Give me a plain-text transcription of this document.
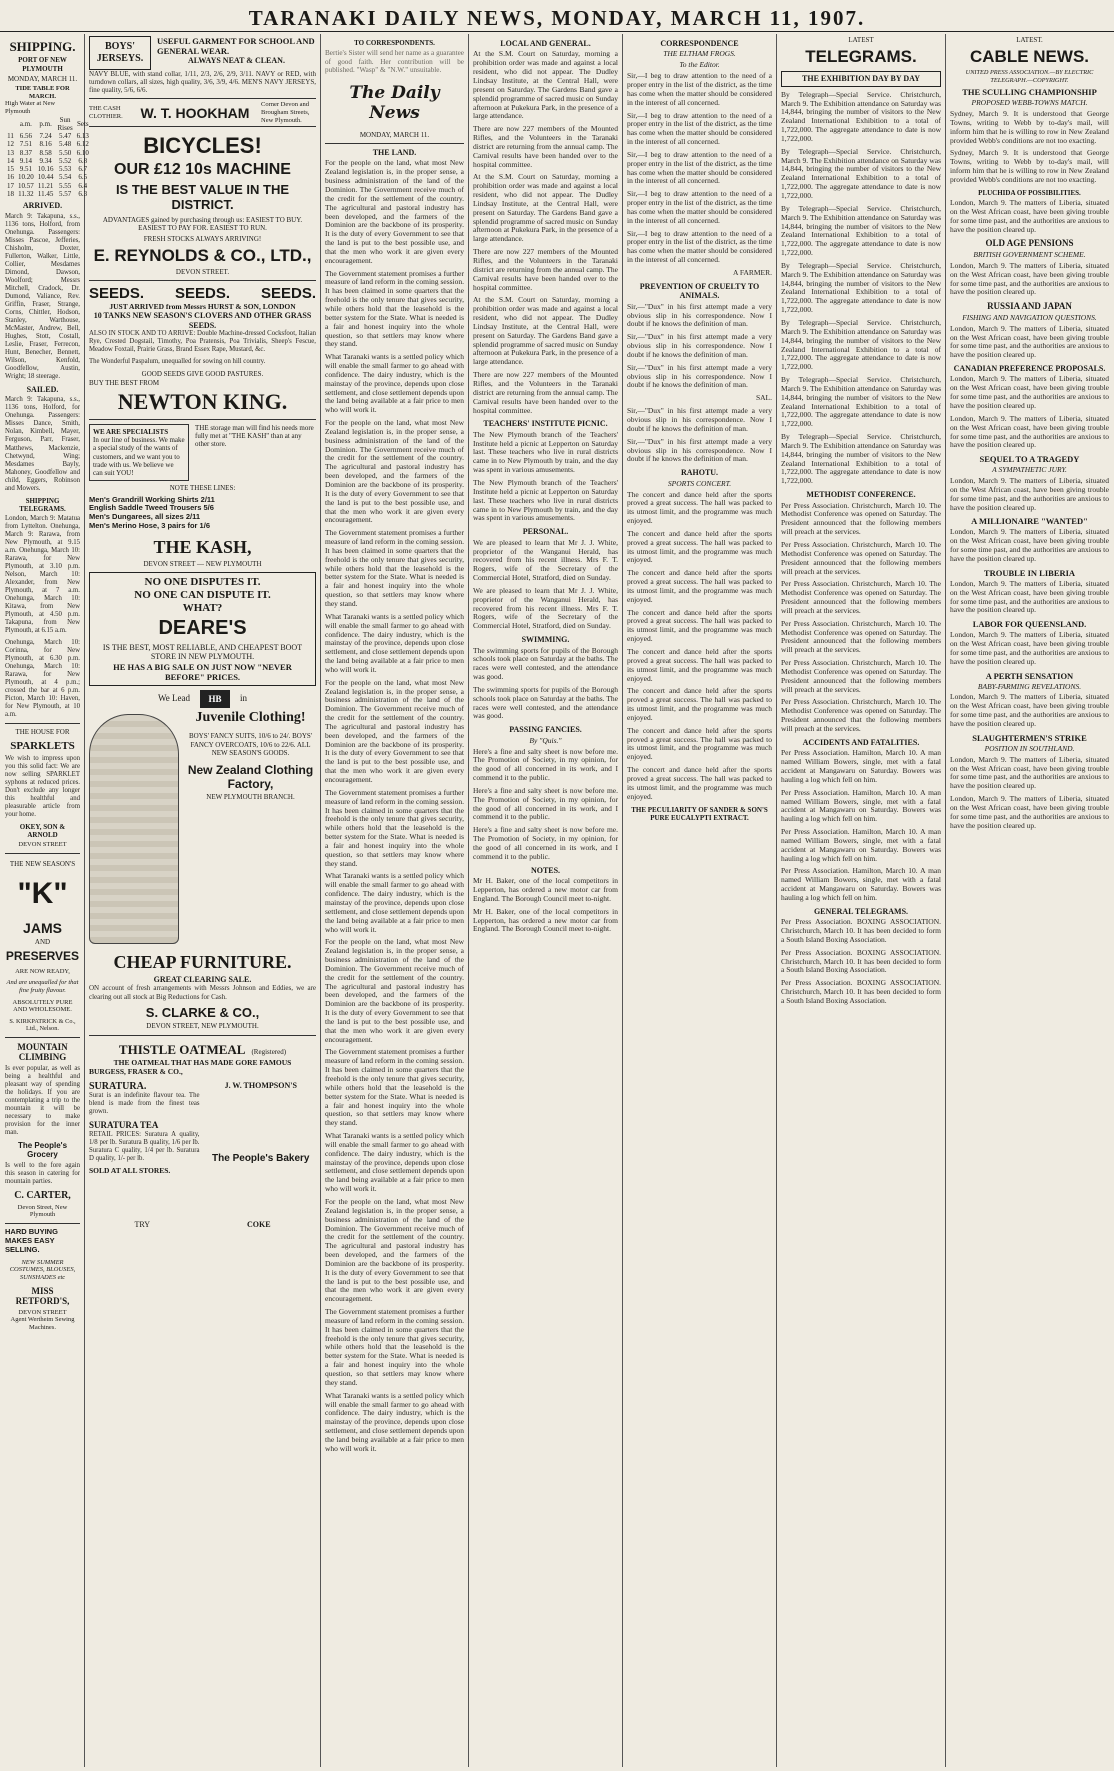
TARANAKI DAILY NEWS, MONDAY, MARCH 11, 1907.
SHIPPING.
PORT OF NEW PLYMOUTH
MONDAY, MARCH 11.
TIDE TABLE FOR MARCH.
High Water at New Plymouth
	a.m.	p.m.	Sun Rises	Sets
11	6.56	7.24	5.47	6.13
12	7.51	8.16	5.48	6.12
13	8.37	8.58	5.50	6.10
14	9.14	9.34	5.52	6.8
15	9.51	10.16	5.53	6.7
16	10.20	10.44	5.54	6.5
17	10.57	11.21	5.55	6.4
18	11.32	11.45	5.57	6.3
ARRIVED.
March 9: Takapuna, s.s., 1136 tons, Holford, from Onehunga. Passengers: Misses Pascoe, Jefferies, Chisholm, Doxter, Fullerton, Walker, Little, Collier, Mesdames Dimond, Dawson, Woolford; Messrs Mitchell, Cradock, Dr. Dumond, Valiance, Rev. Griffin, Fraser, Strange, Corns, Chittler, Hodson, Stanley, Warthouse, McMaster, Andrew, Bell, Hughes, Stott, Costall, Leslie, Fraser, Ferrecon, Hunt, Benecher, Bennett, Wilson, Kenfold, Goodfellow, Austin, Wright; 18 steerage.
SAILED.
March 9: Takapuna, s.s., 1136 tons, Holford, for Onehunga. Passengers: Misses Dance, Smith, Nolan, Kimbell, Mayer, Ferguson, Parr, Fraser, Matthews, Mackenzie, Chetwynd, Wing; Mesdames Bayly, Mahoney, Goodfellow and child, Eggers, Robinson and Mowers.
SHIPPING TELEGRAMS.
London, March 9: Matatua from Lyttelton. Onehunga, March 9: Rarawa, from New Plymouth, at 9.15 a.m. Onehunga, March 10: Rarawa, for New Plymouth, at 3.10 p.m. Nelson, March 10: Alexander, from New Plymouth, at 7 a.m. Onehunga, March 10: Kitawa, from New Plymouth, at 4.50 p.m. Takapuna, from New Plymouth, at 6.15 a.m.
Onehunga, March 10: Corinna, for New Plymouth, at 6.30 p.m. Onehunga, March 10: Rarawa, for New Plymouth, at 4 p.m.; crossed the bar at 6 p.m. Picton, March 10: Haven, for New Plymouth, at 10 a.m.
THE HOUSE FOR
SPARKLETS
We wish to impress upon you this solid fact: We are now selling SPARKLET syphons at reduced prices. Don't exclude any longer this healthful and pleasurable article from your home.
OKEY, SON & ARNOLD
DEVON STREET
THE NEW SEASON'S
"K"
JAMS
AND
PRESERVES
ARE NOW READY,
And are unequalled for that fine fruity flavour.
ABSOLUTELY PURE AND WHOLESOME.
S. KIRKPATRICK & Co., Ltd., Nelson.
MOUNTAIN CLIMBING
Is ever popular, as well as being a healthful and pleasant way of spending the holidays. If you are contemplating a trip to the mountain it will be necessary to make provision for the inner man.
The People's Grocery
Is well to the fore again this season in catering for mountain parties.
C. CARTER,
Devon Street, New Plymouth
HARD BUYING MAKES EASY SELLING.
NEW SUMMER COSTUMES, BLOUSES, SUNSHADES etc
MISS RETFORD'S,
DEVON STREET
Agent Wertheim Sewing Machines.
BOYS' JERSEYS.
USEFUL GARMENT FOR SCHOOL AND GENERAL WEAR.
ALWAYS NEAT & CLEAN.
NAVY BLUE, with stand collar, 1/11, 2/3, 2/6, 2/9, 3/11. NAVY or RED, with turndown collars, all sizes, high quality, 3/6, 3/9, 4/6. MEN'S NAVY JERSEYS, fine quality, 5/6, 6/6.
THE CASH CLOTHIER.	W. T. HOOKHAM	Corner Devon and Brougham Streets, New Plymouth.
BICYCLES!
OUR £12 10s MACHINE
IS THE BEST VALUE IN THE DISTRICT.
ADVANTAGES gained by purchasing through us: EASIEST TO BUY. EASIEST TO PAY FOR. EASIEST TO RUN.
FRESH STOCKS ALWAYS ARRIVING!
E. REYNOLDS & CO., LTD.,
DEVON STREET.
SEEDS. SEEDS. SEEDS.
JUST ARRIVED from Messrs HURST & SON, LONDON
10 TANKS NEW SEASON'S CLOVERS AND OTHER GRASS SEEDS.
ALSO IN STOCK AND TO ARRIVE: Double Machine-dressed Cocksfoot, Italian Rye, Crested Dogstail, Timothy, Poa Pratensis, Poa Trivialis, Sheep's Fescue, Meadow Foxtail, Prairie Grass, Brand Essex Rape, Mustard, &c.
The Wonderful Paspalum, unequalled for sowing on hill country.
GOOD SEEDS GIVE GOOD PASTURES.
BUY THE BEST FROM
NEWTON KING.
WE ARE SPECIALISTS
In our line of business. We make a special study of the wants of customers, and we want you to trade with us. We believe we can suit YOU!
THE storage man will find his needs more fully met at "THE KASH" than at any other store.
NOTE THESE LINES:
Men's Grandrill Working Shirts 2/11
English Saddle Tweed Trousers 5/6
Men's Dungarees, all sizes 2/11
Men's Merino Hose, 3 pairs for 1/6
THE KASH,
DEVON STREET — NEW PLYMOUTH
NO ONE DISPUTES IT.
NO ONE CAN DISPUTE IT.
WHAT?
DEARE'S
IS THE BEST, MOST RELIABLE, AND CHEAPEST BOOT STORE IN NEW PLYMOUTH.
HE HAS A BIG SALE ON JUST NOW "NEVER BEFORE" PRICES.
We Lead	HB	in
Juvenile Clothing!
BOYS' FANCY SUITS, 10/6 to 24/. BOYS' FANCY OVERCOATS, 10/6 to 22/6. ALL NEW SEASON'S GOODS.
New Zealand Clothing Factory,
NEW PLYMOUTH BRANCH.
CHEAP FURNITURE.
GREAT CLEARING SALE.
ON account of fresh arrangements with Messrs Johnson and Eddies, we are clearing out all stock at Big Reductions for Cash.
S. CLARKE & CO.,
DEVON STREET, NEW PLYMOUTH.
THISTLE OATMEAL (Registered)
THE OATMEAL THAT HAS MADE GORE FAMOUS
BURGESS, FRASER & CO.,
SURATURA.
Surat is an indefinite flavour tea. The blend is made from the finest teas grown.
SURATURA TEA
RETAIL PRICES: Suratura A quality, 1/8 per lb. Suratura B quality, 1/6 per lb. Suratura C quality, 1/4 per lb. Suratura D quality, 1/- per lb.
SOLD AT ALL STORES.
J. W. THOMPSON'S
The People's Bakery
TRY	COKE
TO CORRESPONDENTS.
Bertie's Sister will send her name as a guarantee of good faith. Her contribution will be published. "Wasp" & "N.W." unsuitable.
The Daily News
MONDAY, MARCH 11.
THE LAND.
For the people on the land, what most New Zealand legislation is, in the proper sense, a business administration of the land of the Dominion. The Government receive much of the credit for the settlement of the country. The agricultural and pastoral industry has been developed, and the farmers of the Dominion are the backbone of its prosperity. It is the duty of every Government to see that the land is put to the best possible use, and that the men who work it are given every encouragement.
The Government statement promises a further measure of land reform in the coming session. It has been claimed in some quarters that the freehold is the only tenure that gives security, while others hold that the leasehold is the better system for the State. What is needed is a fair and honest inquiry into the whole question, so that settlers may know where they stand.
What Taranaki wants is a settled policy which will enable the small farmer to go ahead with confidence. The dairy industry, which is the mainstay of the province, depends upon close settlement, and close settlement depends upon the land being available at a fair price to men who will work it.
For the people on the land, what most New Zealand legislation is, in the proper sense, a business administration of the land of the Dominion. The Government receive much of the credit for the settlement of the country. The agricultural and pastoral industry has been developed, and the farmers of the Dominion are the backbone of its prosperity. It is the duty of every Government to see that the land is put to the best possible use, and that the men who work it are given every encouragement.
The Government statement promises a further measure of land reform in the coming session. It has been claimed in some quarters that the freehold is the only tenure that gives security, while others hold that the leasehold is the better system for the State. What is needed is a fair and honest inquiry into the whole question, so that settlers may know where they stand.
What Taranaki wants is a settled policy which will enable the small farmer to go ahead with confidence. The dairy industry, which is the mainstay of the province, depends upon close settlement, and close settlement depends upon the land being available at a fair price to men who will work it.
For the people on the land, what most New Zealand legislation is, in the proper sense, a business administration of the land of the Dominion. The Government receive much of the credit for the settlement of the country. The agricultural and pastoral industry has been developed, and the farmers of the Dominion are the backbone of its prosperity. It is the duty of every Government to see that the land is put to the best possible use, and that the men who work it are given every encouragement.
The Government statement promises a further measure of land reform in the coming session. It has been claimed in some quarters that the freehold is the only tenure that gives security, while others hold that the leasehold is the better system for the State. What is needed is a fair and honest inquiry into the whole question, so that settlers may know where they stand.
What Taranaki wants is a settled policy which will enable the small farmer to go ahead with confidence. The dairy industry, which is the mainstay of the province, depends upon close settlement, and close settlement depends upon the land being available at a fair price to men who will work it.
For the people on the land, what most New Zealand legislation is, in the proper sense, a business administration of the land of the Dominion. The Government receive much of the credit for the settlement of the country. The agricultural and pastoral industry has been developed, and the farmers of the Dominion are the backbone of its prosperity. It is the duty of every Government to see that the land is put to the best possible use, and that the men who work it are given every encouragement.
The Government statement promises a further measure of land reform in the coming session. It has been claimed in some quarters that the freehold is the only tenure that gives security, while others hold that the leasehold is the better system for the State. What is needed is a fair and honest inquiry into the whole question, so that settlers may know where they stand.
What Taranaki wants is a settled policy which will enable the small farmer to go ahead with confidence. The dairy industry, which is the mainstay of the province, depends upon close settlement, and close settlement depends upon the land being available at a fair price to men who will work it.
For the people on the land, what most New Zealand legislation is, in the proper sense, a business administration of the land of the Dominion. The Government receive much of the credit for the settlement of the country. The agricultural and pastoral industry has been developed, and the farmers of the Dominion are the backbone of its prosperity. It is the duty of every Government to see that the land is put to the best possible use, and that the men who work it are given every encouragement.
The Government statement promises a further measure of land reform in the coming session. It has been claimed in some quarters that the freehold is the only tenure that gives security, while others hold that the leasehold is the better system for the State. What is needed is a fair and honest inquiry into the whole question, so that settlers may know where they stand.
What Taranaki wants is a settled policy which will enable the small farmer to go ahead with confidence. The dairy industry, which is the mainstay of the province, depends upon close settlement, and close settlement depends upon the land being available at a fair price to men who will work it.
LOCAL AND GENERAL.
At the S.M. Court on Saturday, morning a prohibition order was made and against a local resident, who did not appear. The Dudley Lindsay Institute, at the Central Hall, were present on Saturday. The Gardens Band gave a splendid programme of sacred music on Sunday afternoon at Pukekura Park, in the presence of a large attendance.
There are now 227 members of the Mounted Rifles, and the Volunteers in the Taranaki district are returning from the annual camp. The Carnival results have been handed over to the hospital committee.
At the S.M. Court on Saturday, morning a prohibition order was made and against a local resident, who did not appear. The Dudley Lindsay Institute, at the Central Hall, were present on Saturday. The Gardens Band gave a splendid programme of sacred music on Sunday afternoon at Pukekura Park, in the presence of a large attendance.
There are now 227 members of the Mounted Rifles, and the Volunteers in the Taranaki district are returning from the annual camp. The Carnival results have been handed over to the hospital committee.
At the S.M. Court on Saturday, morning a prohibition order was made and against a local resident, who did not appear. The Dudley Lindsay Institute, at the Central Hall, were present on Saturday. The Gardens Band gave a splendid programme of sacred music on Sunday afternoon at Pukekura Park, in the presence of a large attendance.
There are now 227 members of the Mounted Rifles, and the Volunteers in the Taranaki district are returning from the annual camp. The Carnival results have been handed over to the hospital committee.
TEACHERS' INSTITUTE PICNIC.
The New Plymouth branch of the Teachers' Institute held a picnic at Lepperton on Saturday last. These teachers who live in rural districts came in to New Plymouth by train, and the day was spent in various amusements.
The New Plymouth branch of the Teachers' Institute held a picnic at Lepperton on Saturday last. These teachers who live in rural districts came in to New Plymouth by train, and the day was spent in various amusements.
PERSONAL.
We are pleased to learn that Mr J. J. White, proprietor of the Wanganui Herald, has recovered from his recent illness. Mrs F. T. Rogers, wife of the Secretary of the Commercial Hotel, Stratford, died on Sunday.
We are pleased to learn that Mr J. J. White, proprietor of the Wanganui Herald, has recovered from his recent illness. Mrs F. T. Rogers, wife of the Secretary of the Commercial Hotel, Stratford, died on Sunday.
SWIMMING.
The swimming sports for pupils of the Borough schools took place on Saturday at the baths. The races were well contested, and the attendance was good.
The swimming sports for pupils of the Borough schools took place on Saturday at the baths. The races were well contested, and the attendance was good.
PASSING FANCIES.
By "Quis."
Here's a fine and salty sheet is now before me. The Promotion of Society, in my opinion, for the good of all concerned in its work, and I commend it to the public.
Here's a fine and salty sheet is now before me. The Promotion of Society, in my opinion, for the good of all concerned in its work, and I commend it to the public.
Here's a fine and salty sheet is now before me. The Promotion of Society, in my opinion, for the good of all concerned in its work, and I commend it to the public.
NOTES.
Mr H. Baker, one of the local competitors in Lepperton, has ordered a new motor car from England. The Borough Council meet to-night.
Mr H. Baker, one of the local competitors in Lepperton, has ordered a new motor car from England. The Borough Council meet to-night.
CORRESPONDENCE
THE ELTHAM FROGS.
To the Editor.
Sir,—I beg to draw attention to the need of a proper entry in the list of the district, as the time has come when the matter should be considered in the interest of all concerned.
Sir,—I beg to draw attention to the need of a proper entry in the list of the district, as the time has come when the matter should be considered in the interest of all concerned.
Sir,—I beg to draw attention to the need of a proper entry in the list of the district, as the time has come when the matter should be considered in the interest of all concerned.
Sir,—I beg to draw attention to the need of a proper entry in the list of the district, as the time has come when the matter should be considered in the interest of all concerned.
Sir,—I beg to draw attention to the need of a proper entry in the list of the district, as the time has come when the matter should be considered in the interest of all concerned.
A FARMER.
PREVENTION OF CRUELTY TO ANIMALS.
Sir,—"Dux" in his first attempt made a very obvious slip in his correspondence. Now I doubt if he knows the definition of man.
Sir,—"Dux" in his first attempt made a very obvious slip in his correspondence. Now I doubt if he knows the definition of man.
Sir,—"Dux" in his first attempt made a very obvious slip in his correspondence. Now I doubt if he knows the definition of man.
SAL.
Sir,—"Dux" in his first attempt made a very obvious slip in his correspondence. Now I doubt if he knows the definition of man.
Sir,—"Dux" in his first attempt made a very obvious slip in his correspondence. Now I doubt if he knows the definition of man.
RAHOTU.
SPORTS CONCERT.
The concert and dance held after the sports proved a great success. The hall was packed to its utmost limit, and the programme was much enjoyed.
The concert and dance held after the sports proved a great success. The hall was packed to its utmost limit, and the programme was much enjoyed.
The concert and dance held after the sports proved a great success. The hall was packed to its utmost limit, and the programme was much enjoyed.
The concert and dance held after the sports proved a great success. The hall was packed to its utmost limit, and the programme was much enjoyed.
The concert and dance held after the sports proved a great success. The hall was packed to its utmost limit, and the programme was much enjoyed.
The concert and dance held after the sports proved a great success. The hall was packed to its utmost limit, and the programme was much enjoyed.
The concert and dance held after the sports proved a great success. The hall was packed to its utmost limit, and the programme was much enjoyed.
The concert and dance held after the sports proved a great success. The hall was packed to its utmost limit, and the programme was much enjoyed.
THE PECULIARITY OF SANDER & SON'S PURE EUCALYPTI EXTRACT.
LATEST
TELEGRAMS.
THE EXHIBITION DAY BY DAY
By Telegraph—Special Service. Christchurch, March 9. The Exhibition attendance on Saturday was 14,844, bringing the number of visitors to the New Zealand International Exhibition to a total of 1,722,000. The aggregate attendance to date is now 1,722,000.
By Telegraph—Special Service. Christchurch, March 9. The Exhibition attendance on Saturday was 14,844, bringing the number of visitors to the New Zealand International Exhibition to a total of 1,722,000. The aggregate attendance to date is now 1,722,000.
By Telegraph—Special Service. Christchurch, March 9. The Exhibition attendance on Saturday was 14,844, bringing the number of visitors to the New Zealand International Exhibition to a total of 1,722,000. The aggregate attendance to date is now 1,722,000.
By Telegraph—Special Service. Christchurch, March 9. The Exhibition attendance on Saturday was 14,844, bringing the number of visitors to the New Zealand International Exhibition to a total of 1,722,000. The aggregate attendance to date is now 1,722,000.
By Telegraph—Special Service. Christchurch, March 9. The Exhibition attendance on Saturday was 14,844, bringing the number of visitors to the New Zealand International Exhibition to a total of 1,722,000. The aggregate attendance to date is now 1,722,000.
By Telegraph—Special Service. Christchurch, March 9. The Exhibition attendance on Saturday was 14,844, bringing the number of visitors to the New Zealand International Exhibition to a total of 1,722,000. The aggregate attendance to date is now 1,722,000.
By Telegraph—Special Service. Christchurch, March 9. The Exhibition attendance on Saturday was 14,844, bringing the number of visitors to the New Zealand International Exhibition to a total of 1,722,000. The aggregate attendance to date is now 1,722,000.
METHODIST CONFERENCE.
Per Press Association. Christchurch, March 10. The Methodist Conference was opened on Saturday. The President announced that the following members will preach at the services.
Per Press Association. Christchurch, March 10. The Methodist Conference was opened on Saturday. The President announced that the following members will preach at the services.
Per Press Association. Christchurch, March 10. The Methodist Conference was opened on Saturday. The President announced that the following members will preach at the services.
Per Press Association. Christchurch, March 10. The Methodist Conference was opened on Saturday. The President announced that the following members will preach at the services.
Per Press Association. Christchurch, March 10. The Methodist Conference was opened on Saturday. The President announced that the following members will preach at the services.
Per Press Association. Christchurch, March 10. The Methodist Conference was opened on Saturday. The President announced that the following members will preach at the services.
ACCIDENTS AND FATALITIES.
Per Press Association. Hamilton, March 10. A man named William Bowers, single, met with a fatal accident at Mangawaru on Saturday. Bowers was hauling a log which fell on him.
Per Press Association. Hamilton, March 10. A man named William Bowers, single, met with a fatal accident at Mangawaru on Saturday. Bowers was hauling a log which fell on him.
Per Press Association. Hamilton, March 10. A man named William Bowers, single, met with a fatal accident at Mangawaru on Saturday. Bowers was hauling a log which fell on him.
Per Press Association. Hamilton, March 10. A man named William Bowers, single, met with a fatal accident at Mangawaru on Saturday. Bowers was hauling a log which fell on him.
GENERAL TELEGRAMS.
Per Press Association. BOXING ASSOCIATION. Christchurch, March 10. It has been decided to form a South Island Boxing Association.
Per Press Association. BOXING ASSOCIATION. Christchurch, March 10. It has been decided to form a South Island Boxing Association.
Per Press Association. BOXING ASSOCIATION. Christchurch, March 10. It has been decided to form a South Island Boxing Association.
LATEST.
CABLE NEWS.
UNITED PRESS ASSOCIATION.—BY ELECTRIC TELEGRAPH.—COPYRIGHT.
THE SCULLING CHAMPIONSHIP
PROPOSED WEBB-TOWNS MATCH.
Sydney, March 9. It is understood that George Towns, writing to Webb by to-day's mail, will inform him that he is willing to row in New Zealand provided Webb's conditions are not too exacting.
Sydney, March 9. It is understood that George Towns, writing to Webb by to-day's mail, will inform him that he is willing to row in New Zealand provided Webb's conditions are not too exacting.
PLUCHIDA OF POSSIBILITIES.
London, March 9. The matters of Liberia, situated on the West African coast, have been giving trouble for some time past, and the authorities are anxious to have the position cleared up.
OLD AGE PENSIONS
BRITISH GOVERNMENT SCHEME.
London, March 9. The matters of Liberia, situated on the West African coast, have been giving trouble for some time past, and the authorities are anxious to have the position cleared up.
RUSSIA AND JAPAN
FISHING AND NAVIGATION QUESTIONS.
London, March 9. The matters of Liberia, situated on the West African coast, have been giving trouble for some time past, and the authorities are anxious to have the position cleared up.
CANADIAN PREFERENCE PROPOSALS.
London, March 9. The matters of Liberia, situated on the West African coast, have been giving trouble for some time past, and the authorities are anxious to have the position cleared up.
London, March 9. The matters of Liberia, situated on the West African coast, have been giving trouble for some time past, and the authorities are anxious to have the position cleared up.
SEQUEL TO A TRAGEDY
A SYMPATHETIC JURY.
London, March 9. The matters of Liberia, situated on the West African coast, have been giving trouble for some time past, and the authorities are anxious to have the position cleared up.
A MILLIONAIRE "WANTED"
London, March 9. The matters of Liberia, situated on the West African coast, have been giving trouble for some time past, and the authorities are anxious to have the position cleared up.
TROUBLE IN LIBERIA
London, March 9. The matters of Liberia, situated on the West African coast, have been giving trouble for some time past, and the authorities are anxious to have the position cleared up.
LABOR FOR QUEENSLAND.
London, March 9. The matters of Liberia, situated on the West African coast, have been giving trouble for some time past, and the authorities are anxious to have the position cleared up.
A PERTH SENSATION
BABY-FARMING REVELATIONS.
London, March 9. The matters of Liberia, situated on the West African coast, have been giving trouble for some time past, and the authorities are anxious to have the position cleared up.
SLAUGHTERMEN'S STRIKE
POSITION IN SOUTHLAND.
London, March 9. The matters of Liberia, situated on the West African coast, have been giving trouble for some time past, and the authorities are anxious to have the position cleared up.
London, March 9. The matters of Liberia, situated on the West African coast, have been giving trouble for some time past, and the authorities are anxious to have the position cleared up.
